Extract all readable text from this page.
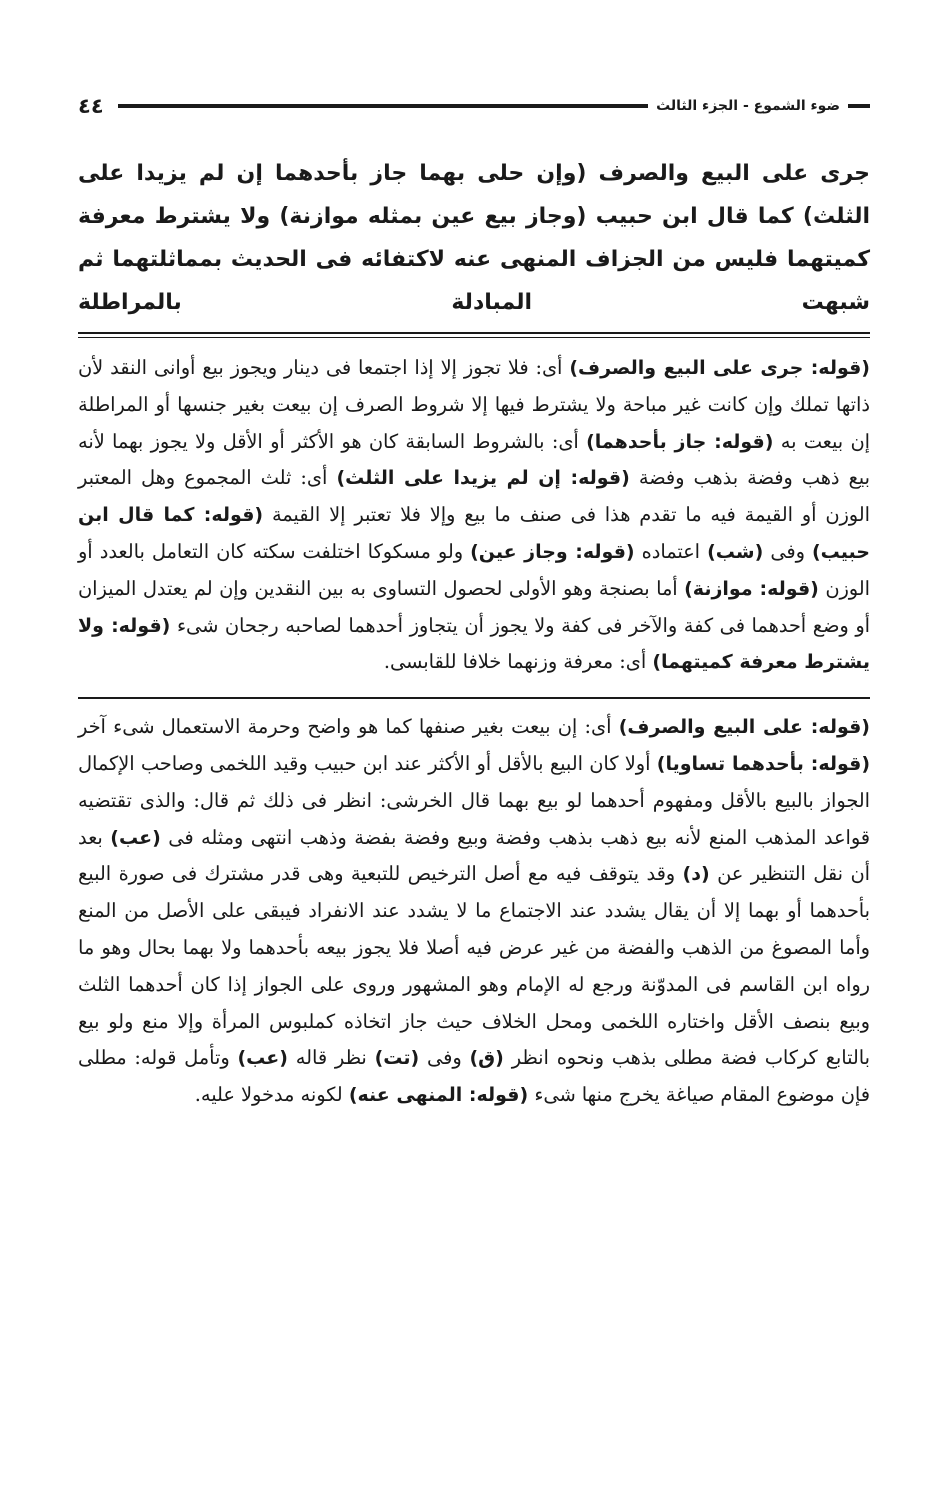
٤٤	ضوء الشموع - الجزء الثالث

جرى على البيع والصرف (وإن حلى بهما جاز بأحدهما إن لم يزيدا على الثلث) كما قال ابن حبيب (وجاز بيع عين بمثله موازنة) ولا يشترط معرفة كميتهما فليس من الجزاف المنهى عنه لاكتفائه فى الحديث بمماثلتهما ثم شبهت المبادلة بالمراطلة

(قوله: جرى على البيع والصرف) أى: فلا تجوز إلا إذا اجتمعا فى دينار ويجوز بيع أوانى النقد لأن ذاتها تملك وإن كانت غير مباحة ولا يشترط فيها إلا شروط الصرف إن بيعت بغير جنسها أو المراطلة إن بيعت به (قوله: جاز بأحدهما) أى: بالشروط السابقة كان هو الأكثر أو الأقل ولا يجوز بهما لأنه بيع ذهب وفضة بذهب وفضة (قوله: إن لم يزيدا على الثلث) أى: ثلث المجموع وهل المعتبر الوزن أو القيمة فيه ما تقدم هذا فى صنف ما بيع وإلا فلا تعتبر إلا القيمة (قوله: كما قال ابن حبيب) وفى (شب) اعتماده (قوله: وجاز عين) ولو مسكوكا اختلفت سكته كان التعامل بالعدد أو الوزن (قوله: موازنة) أما بصنجة وهو الأولى لحصول التساوى به بين النقدين وإن لم يعتدل الميزان أو وضع أحدهما فى كفة والآخر فى كفة ولا يجوز أن يتجاوز أحدهما لصاحبه رجحان شىء (قوله: ولا يشترط معرفة كميتهما) أى: معرفة وزنهما خلافا للقابسى.

(قوله: على البيع والصرف) أى: إن بيعت بغير صنفها كما هو واضح وحرمة الاستعمال شىء آخر (قوله: بأحدهما تساويا) أولا كان البيع بالأقل أو الأكثر عند ابن حبيب وقيد اللخمى وصاحب الإكمال الجواز بالبيع بالأقل ومفهوم أحدهما لو بيع بهما قال الخرشى: انظر فى ذلك ثم قال: والذى تقتضيه قواعد المذهب المنع لأنه بيع ذهب بذهب وفضة وبيع وفضة بفضة وذهب انتهى ومثله فى (عب) بعد أن نقل التنظير عن (د) وقد يتوقف فيه مع أصل الترخيص للتبعية وهى قدر مشترك فى صورة البيع بأحدهما أو بهما إلا أن يقال يشدد عند الاجتماع ما لا يشدد عند الانفراد فيبقى على الأصل من المنع وأما المصوغ من الذهب والفضة من غير عرض فيه أصلا فلا يجوز بيعه بأحدهما ولا بهما بحال وهو ما رواه ابن القاسم فى المدوّنة ورجع له الإمام وهو المشهور وروى على الجواز إذا كان أحدهما الثلث وبيع بنصف الأقل واختاره اللخمى ومحل الخلاف حيث جاز اتخاذه كملبوس المرأة وإلا منع ولو بيع بالتابع كركاب فضة مطلى بذهب ونحوه انظر (ق) وفى (تت) نظر قاله (عب) وتأمل قوله: مطلى فإن موضوع المقام صياغة يخرج منها شىء (قوله: المنهى عنه) لكونه مدخولا عليه.
